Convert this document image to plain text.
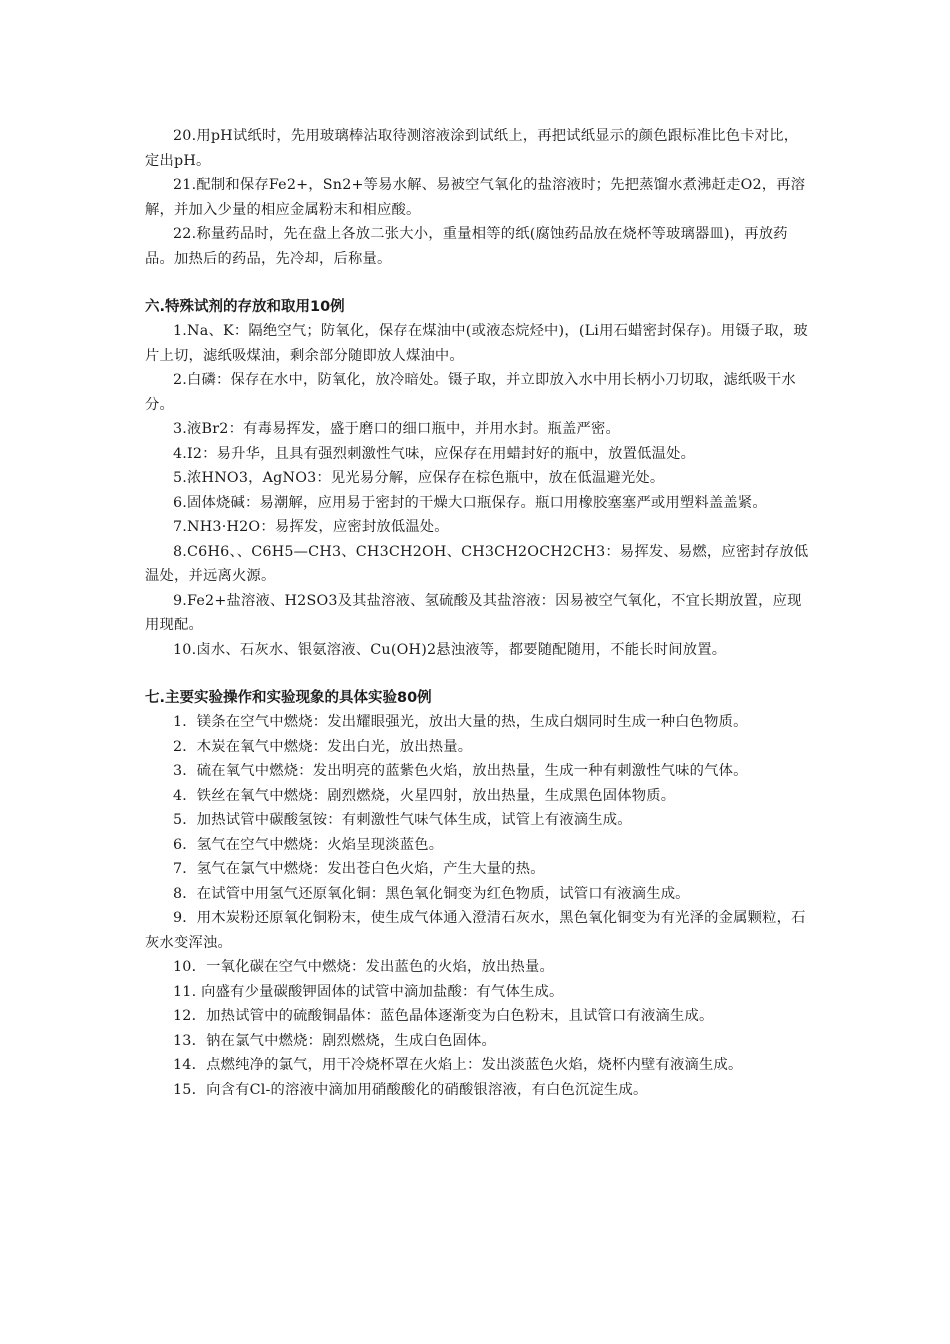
20.用pH试纸时，先用玻璃棒沾取待测溶液涂到试纸上，再把试纸显示的颜色跟标准比色卡对比，定出pH。

21.配制和保存Fe2+，Sn2+等易水解、易被空气氧化的盐溶液时；先把蒸馏水煮沸赶走O2，再溶解，并加入少量的相应金属粉末和相应酸。

22.称量药品时，先在盘上各放二张大小，重量相等的纸(腐蚀药品放在烧杯等玻璃器皿)，再放药品。加热后的药品，先冷却，后称量。

六.特殊试剂的存放和取用10例

1.Na、K：隔绝空气；防氧化，保存在煤油中(或液态烷烃中)，(Li用石蜡密封保存)。用镊子取，玻片上切，滤纸吸煤油，剩余部分随即放人煤油中。

2.白磷：保存在水中，防氧化，放冷暗处。镊子取，并立即放入水中用长柄小刀切取，滤纸吸干水分。

3.液Br2：有毒易挥发，盛于磨口的细口瓶中，并用水封。瓶盖严密。

4.I2：易升华，且具有强烈刺激性气味，应保存在用蜡封好的瓶中，放置低温处。

5.浓HNO3，AgNO3：见光易分解，应保存在棕色瓶中，放在低温避光处。

6.固体烧碱：易潮解，应用易于密封的干燥大口瓶保存。瓶口用橡胶塞塞严或用塑料盖盖紧。

7.NH3·H2O：易挥发，应密封放低温处。

8.C6H6、、C6H5—CH3、CH3CH2OH、CH3CH2OCH2CH3：易挥发、易燃，应密封存放低温处，并远离火源。

9.Fe2+盐溶液、H2SO3及其盐溶液、氢硫酸及其盐溶液：因易被空气氧化，不宜长期放置，应现用现配。

10.卤水、石灰水、银氨溶液、Cu(OH)2悬浊液等，都要随配随用，不能长时间放置。

七.主要实验操作和实验现象的具体实验80例

1．镁条在空气中燃烧：发出耀眼强光，放出大量的热，生成白烟同时生成一种白色物质。

2．木炭在氧气中燃烧：发出白光，放出热量。

3．硫在氧气中燃烧：发出明亮的蓝紫色火焰，放出热量，生成一种有刺激性气味的气体。

4．铁丝在氧气中燃烧：剧烈燃烧，火星四射，放出热量，生成黑色固体物质。

5．加热试管中碳酸氢铵：有刺激性气味气体生成，试管上有液滴生成。

6．氢气在空气中燃烧：火焰呈现淡蓝色。

7．氢气在氯气中燃烧：发出苍白色火焰，产生大量的热。

8．在试管中用氢气还原氧化铜：黑色氧化铜变为红色物质，试管口有液滴生成。

9．用木炭粉还原氧化铜粉末，使生成气体通入澄清石灰水，黑色氧化铜变为有光泽的金属颗粒，石灰水变浑浊。

10．一氧化碳在空气中燃烧：发出蓝色的火焰，放出热量。

11. 向盛有少量碳酸钾固体的试管中滴加盐酸：有气体生成。

12．加热试管中的硫酸铜晶体：蓝色晶体逐渐变为白色粉末，且试管口有液滴生成。

13．钠在氯气中燃烧：剧烈燃烧，生成白色固体。

14．点燃纯净的氯气，用干冷烧杯罩在火焰上：发出淡蓝色火焰，烧杯内壁有液滴生成。

15．向含有Cl-的溶液中滴加用硝酸酸化的硝酸银溶液，有白色沉淀生成。
